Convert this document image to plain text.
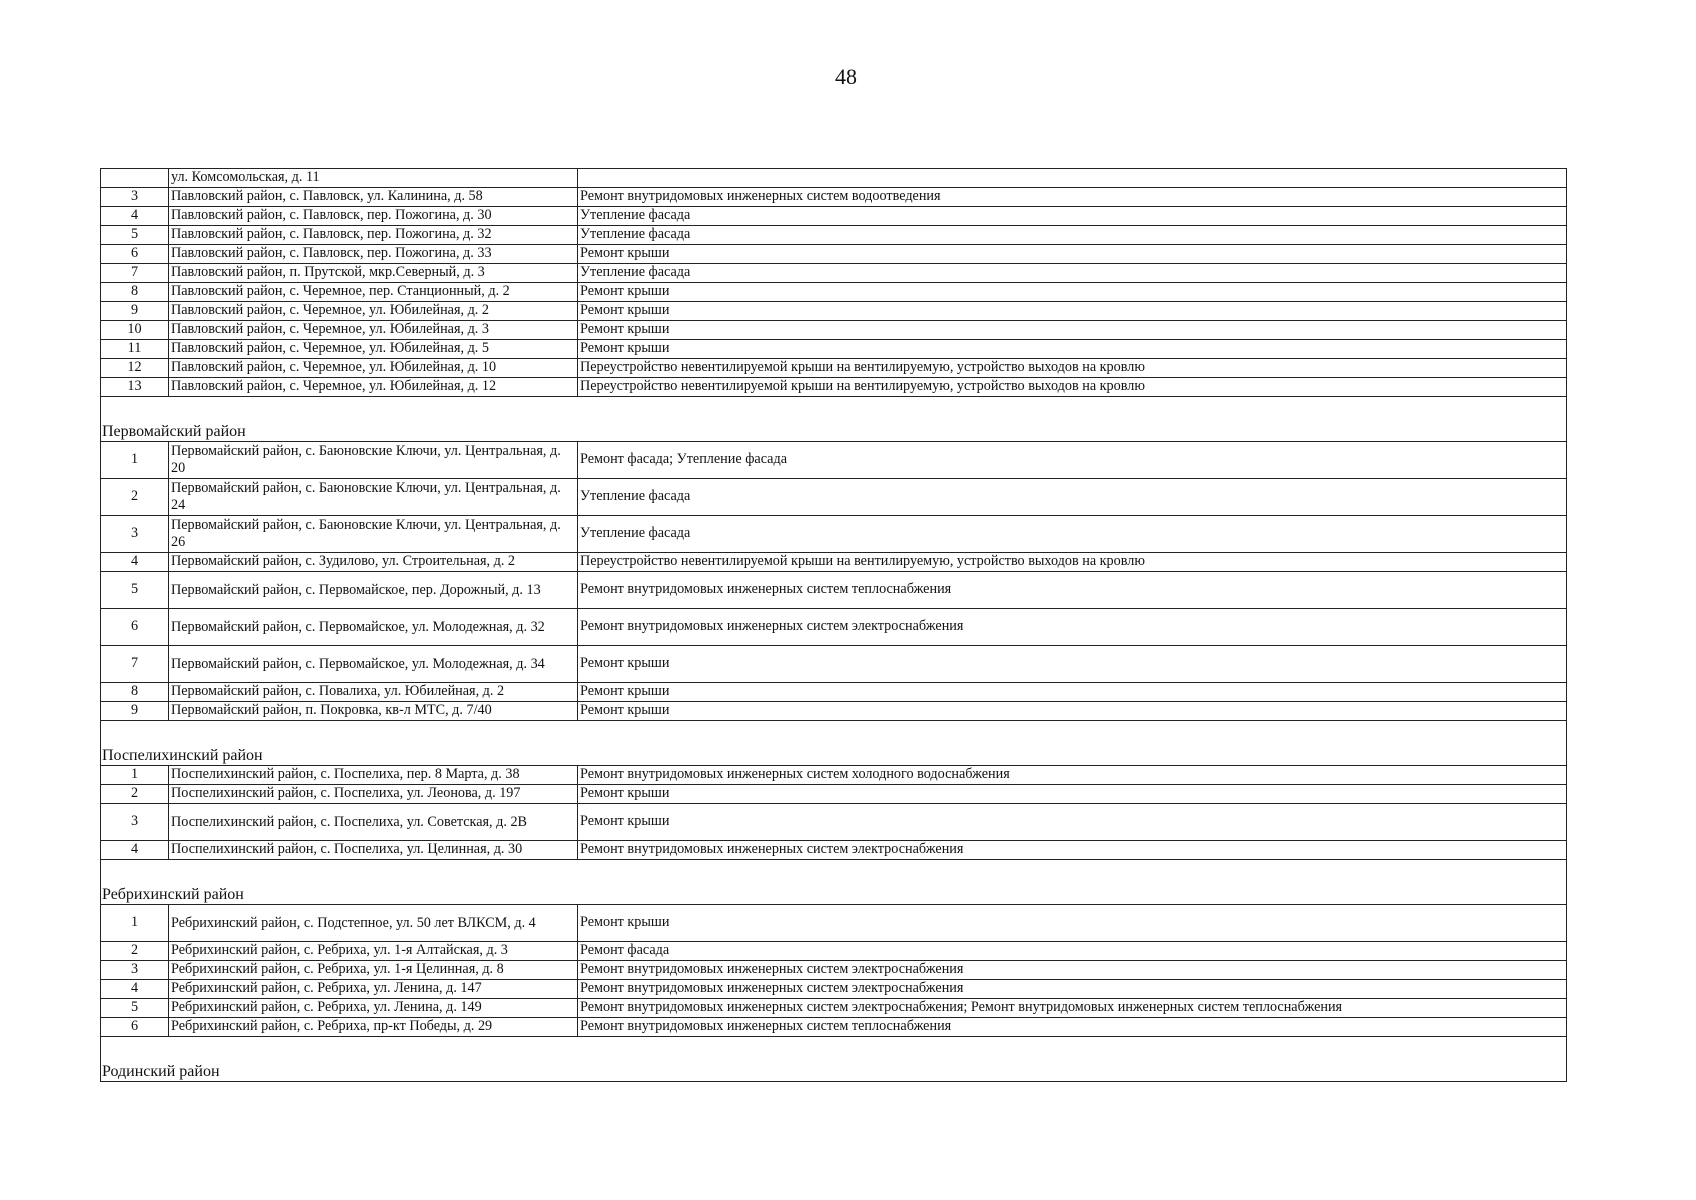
48
	ул. Комсомольская, д. 11	
3	Павловский район, с. Павловск, ул. Калинина, д. 58	Ремонт внутридомовых инженерных систем водоотведения
4	Павловский район, с. Павловск, пер. Пожогина, д. 30	Утепление фасада
5	Павловский район, с. Павловск, пер. Пожогина, д. 32	Утепление фасада
6	Павловский район, с. Павловск, пер. Пожогина, д. 33	Ремонт крыши
7	Павловский район, п. Прутской, мкр.Северный, д. 3	Утепление фасада
8	Павловский район, с. Черемное, пер. Станционный, д. 2	Ремонт крыши
9	Павловский район, с. Черемное, ул. Юбилейная, д. 2	Ремонт крыши
10	Павловский район, с. Черемное, ул. Юбилейная, д. 3	Ремонт крыши
11	Павловский район, с. Черемное, ул. Юбилейная, д. 5	Ремонт крыши
12	Павловский район, с. Черемное, ул. Юбилейная, д. 10	Переустройство невентилируемой крыши на вентилируемую, устройство выходов на кровлю
13	Павловский район, с. Черемное, ул. Юбилейная, д. 12	Переустройство невентилируемой крыши на вентилируемую, устройство выходов на кровлю
Первомайский район		
1	Первомайский район, с. Баюновские Ключи, ул. Центральная, д. 20	Ремонт фасада; Утепление фасада
2	Первомайский район, с. Баюновские Ключи, ул. Центральная, д. 24	Утепление фасада
3	Первомайский район, с. Баюновские Ключи, ул. Центральная, д. 26	Утепление фасада
4	Первомайский район, с. Зудилово, ул. Строительная, д. 2	Переустройство невентилируемой крыши на вентилируемую, устройство выходов на кровлю
5	Первомайский район, с. Первомайское, пер. Дорожный, д. 13	Ремонт внутридомовых инженерных систем теплоснабжения
6	Первомайский район, с. Первомайское, ул. Молодежная, д. 32	Ремонт внутридомовых инженерных систем электроснабжения
7	Первомайский район, с. Первомайское, ул. Молодежная, д. 34	Ремонт крыши
8	Первомайский район, с. Повалиха, ул. Юбилейная, д. 2	Ремонт крыши
9	Первомайский район, п. Покровка, кв-л МТС, д. 7/40	Ремонт крыши
Поспелихинский район		
1	Поспелихинский район, с. Поспелиха, пер. 8 Марта, д. 38	Ремонт внутридомовых инженерных систем холодного водоснабжения
2	Поспелихинский район, с. Поспелиха, ул. Леонова, д. 197	Ремонт крыши
3	Поспелихинский район, с. Поспелиха, ул. Советская, д. 2В	Ремонт крыши
4	Поспелихинский район, с. Поспелиха, ул. Целинная, д. 30	Ремонт внутридомовых инженерных систем электроснабжения
Ребрихинский район		
1	Ребрихинский район, с. Подстепное, ул. 50 лет ВЛКСМ, д. 4	Ремонт крыши
2	Ребрихинский район, с. Ребриха, ул. 1-я Алтайская, д. 3	Ремонт фасада
3	Ребрихинский район, с. Ребриха, ул. 1-я Целинная, д. 8	Ремонт внутридомовых инженерных систем электроснабжения
4	Ребрихинский район, с. Ребриха, ул. Ленина, д. 147	Ремонт внутридомовых инженерных систем электроснабжения
5	Ребрихинский район, с. Ребриха, ул. Ленина, д. 149	Ремонт внутридомовых инженерных систем электроснабжения; Ремонт внутридомовых инженерных систем теплоснабжения
6	Ребрихинский район, с. Ребриха, пр-кт Победы, д. 29	Ремонт внутридомовых инженерных систем теплоснабжения
Родинский район		
